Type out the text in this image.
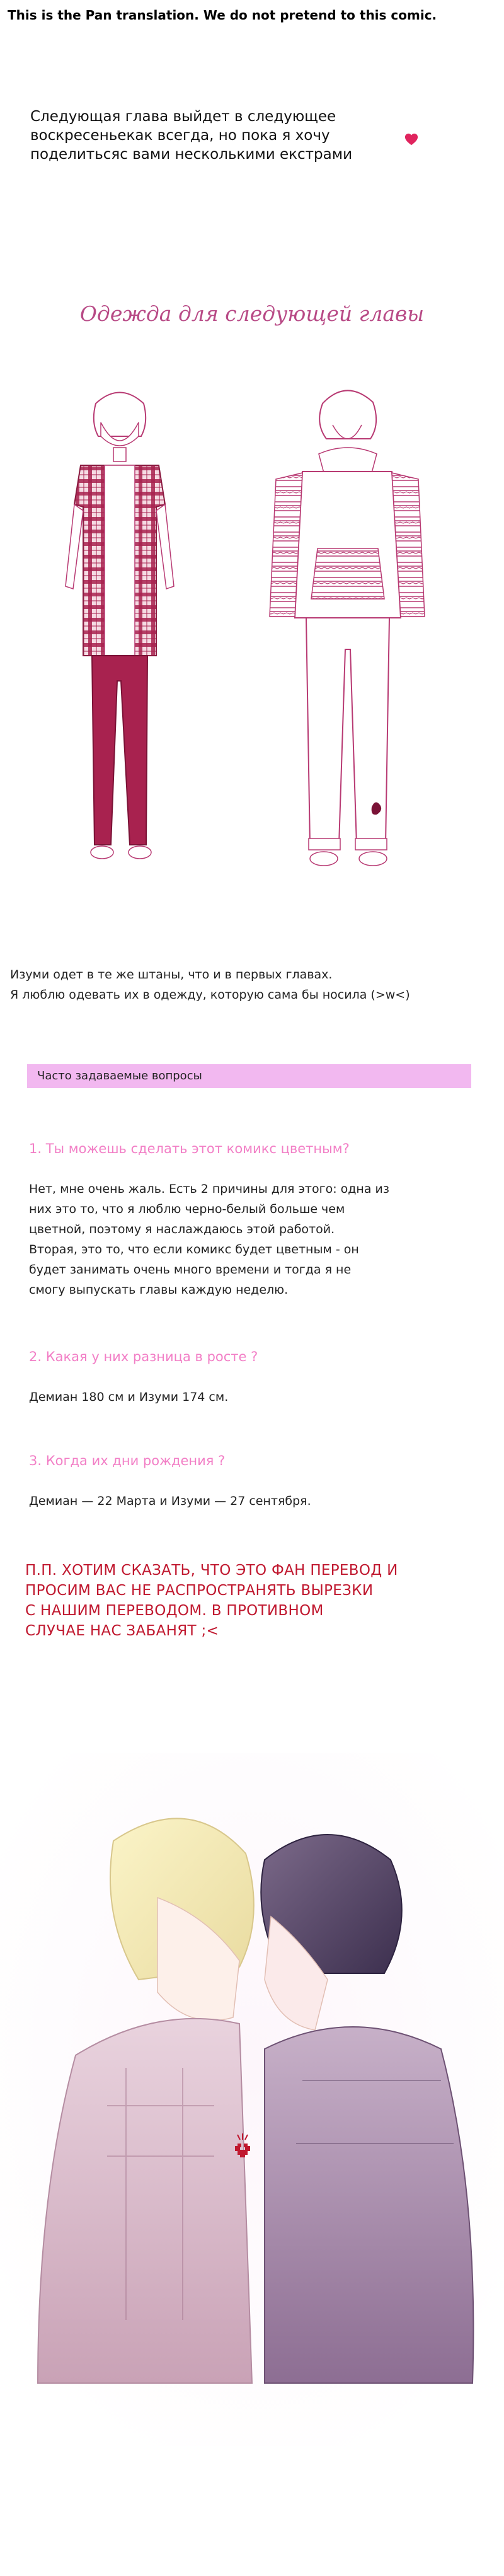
This is the Pan translation. We do not pretend to this comic.
Следующая глава выйдет в следующее
воскресеньекак всегда, но пока я хочу
поделитьсяс вами несколькими екстрами
Одежда для следующей главы
Изуми одет в те же штаны, что и в первых главах.
Я люблю одевать их в одежду, которую сама бы носила (>w<)
Часто задаваемые вопросы
1. Ты можешь сделать этот комикс цветным?
Нет, мне очень жаль. Есть 2 причины для этого: одна из
них это то, что я люблю черно-белый больше чем
цветной, поэтому я наслаждаюсь этой работой.
Вторая, это то, что если комикс будет цветным - он
будет занимать очень много времени и тогда я не
смогу выпускать главы каждую неделю.
2. Какая у них разница в росте ?
Демиан 180 см и Изуми 174 см.
3. Когда их дни рождения ?
Демиан — 22 Марта и Изуми — 27 сентября.
П.П. ХОТИМ СКАЗАТЬ, ЧТО ЭТО ФАН ПЕРЕВОД И
ПРОСИМ ВАС НЕ РАСПРОСТРАНЯТЬ ВЫРЕЗКИ
С НАШИМ ПЕРЕВОДОМ. В ПРОТИВНОМ
СЛУЧАЕ НАС ЗАБАНЯТ ;<
